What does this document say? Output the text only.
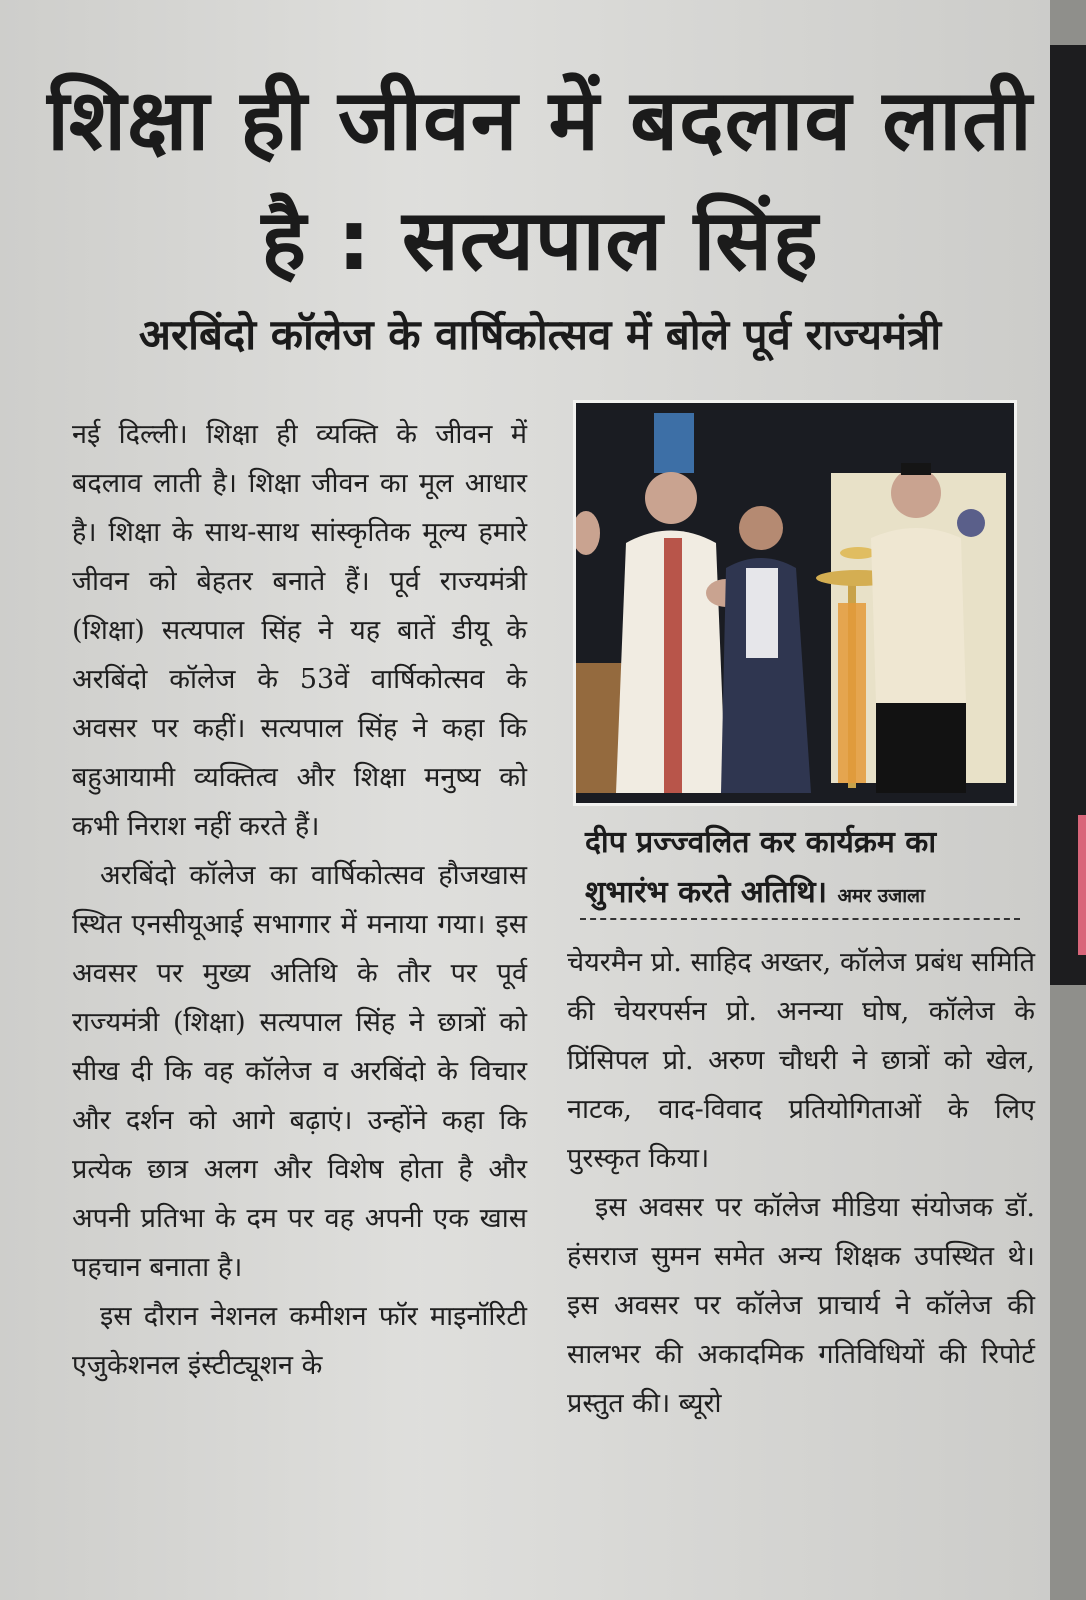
शिक्षा ही जीवन में बदलाव लाती है : सत्यपाल सिंह
अरबिंदो कॉलेज के वार्षिकोत्सव में बोले पूर्व राज्यमंत्री

नई दिल्ली। शिक्षा ही व्यक्ति के जीवन में बदलाव लाती है। शिक्षा जीवन का मूल आधार है। शिक्षा के साथ-साथ सांस्कृतिक मूल्य हमारे जीवन को बेहतर बनाते हैं। पूर्व राज्यमंत्री (शिक्षा) सत्यपाल सिंह ने यह बातें डीयू के अरबिंदो कॉलेज के 53वें वार्षिकोत्सव के अवसर पर कहीं। सत्यपाल सिंह ने कहा कि बहुआयामी व्यक्तित्व और शिक्षा मनुष्य को कभी निराश नहीं करते हैं।

अरबिंदो कॉलेज का वार्षिकोत्सव हौजखास स्थित एनसीयूआई सभागार में मनाया गया। इस अवसर पर मुख्य अतिथि के तौर पर पूर्व राज्यमंत्री (शिक्षा) सत्यपाल सिंह ने छात्रों को सीख दी कि वह कॉलेज व अरबिंदो के विचार और दर्शन को आगे बढ़ाएं। उन्होंने कहा कि प्रत्येक छात्र अलग और विशेष होता है और अपनी प्रतिभा के दम पर वह अपनी एक खास पहचान बनाता है।

इस दौरान नेशनल कमीशन फॉर माइनॉरिटी एजुकेशनल इंस्टीट्यूशन के

दीप प्रज्ज्वलित कर कार्यक्रम का शुभारंभ करते अतिथि। अमर उजाला

चेयरमैन प्रो. साहिद अख्तर, कॉलेज प्रबंध समिति की चेयरपर्सन प्रो. अनन्या घोष, कॉलेज के प्रिंसिपल प्रो. अरुण चौधरी ने छात्रों को खेल, नाटक, वाद-विवाद प्रतियोगिताओं के लिए पुरस्कृत किया।

इस अवसर पर कॉलेज मीडिया संयोजक डॉ. हंसराज सुमन समेत अन्य शिक्षक उपस्थित थे। इस अवसर पर कॉलेज प्राचार्य ने कॉलेज की सालभर की अकादमिक गतिविधियों की रिपोर्ट प्रस्तुत की। ब्यूरो
